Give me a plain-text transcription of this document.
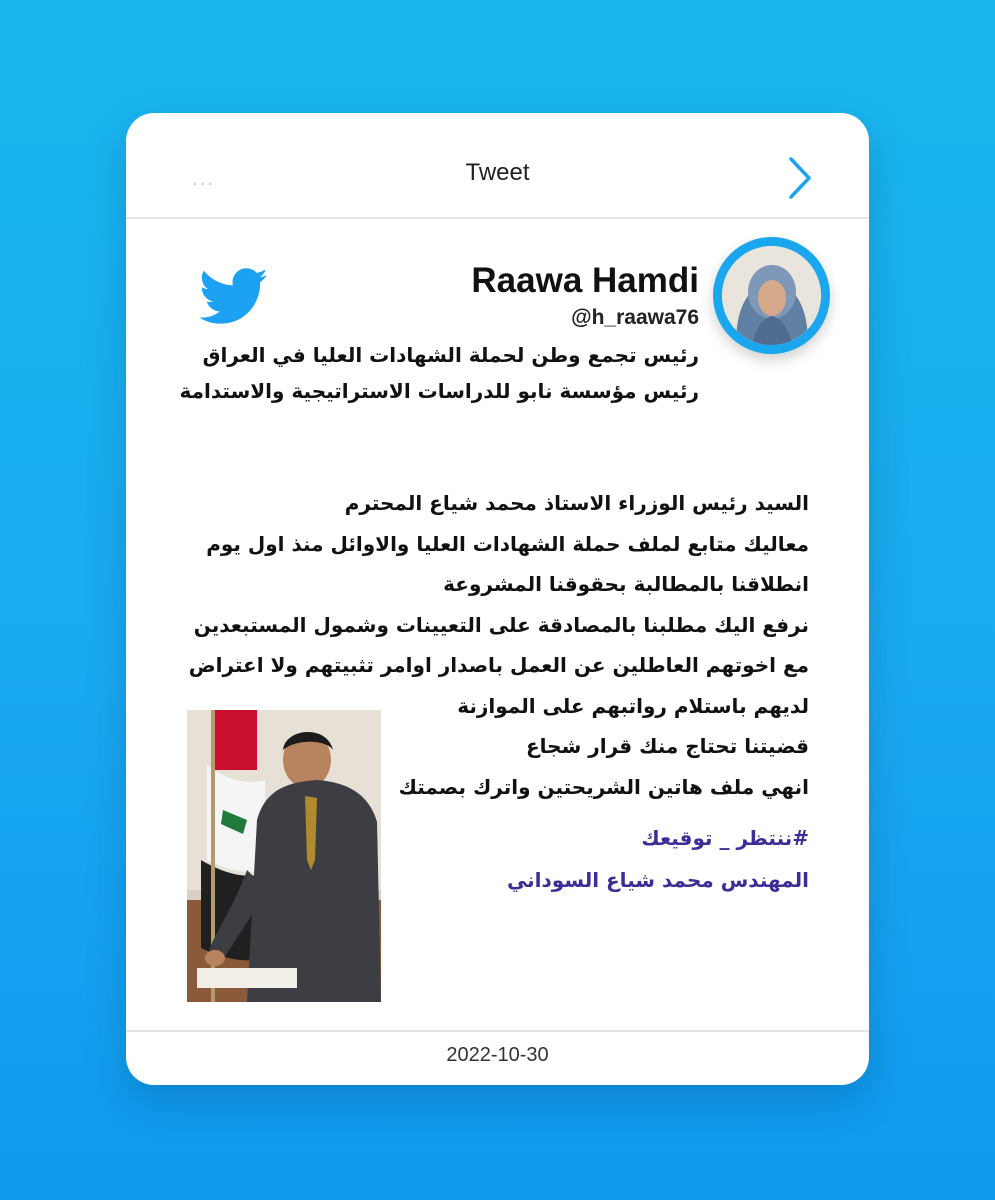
...	Tweet
Raawa Hamdi
@h_raawa76
رئيس تجمع وطن لحملة الشهادات العليا في العراق
رئيس مؤسسة نابو للدراسات الاستراتيجية والاستدامة
السيد رئيس الوزراء الاستاذ محمد شياع المحترم
معاليك متابع لملف حملة الشهادات العليا والاوائل منذ اول يوم
انطلاقنا بالمطالبة بحقوقنا المشروعة
نرفع اليك مطلبنا بالمصادقة على التعيينات وشمول المستبعدين
مع اخوتهم العاطلين عن العمل باصدار اوامر تثبيتهم ولا اعتراض
لديهم باستلام رواتبهم على الموازنة
قضيتنا تحتاج منك قرار شجاع
انهي ملف هاتين الشريحتين واترك بصمتك
#ننتظر _ توقيعك
المهندس محمد شياع السوداني
2022-10-30
